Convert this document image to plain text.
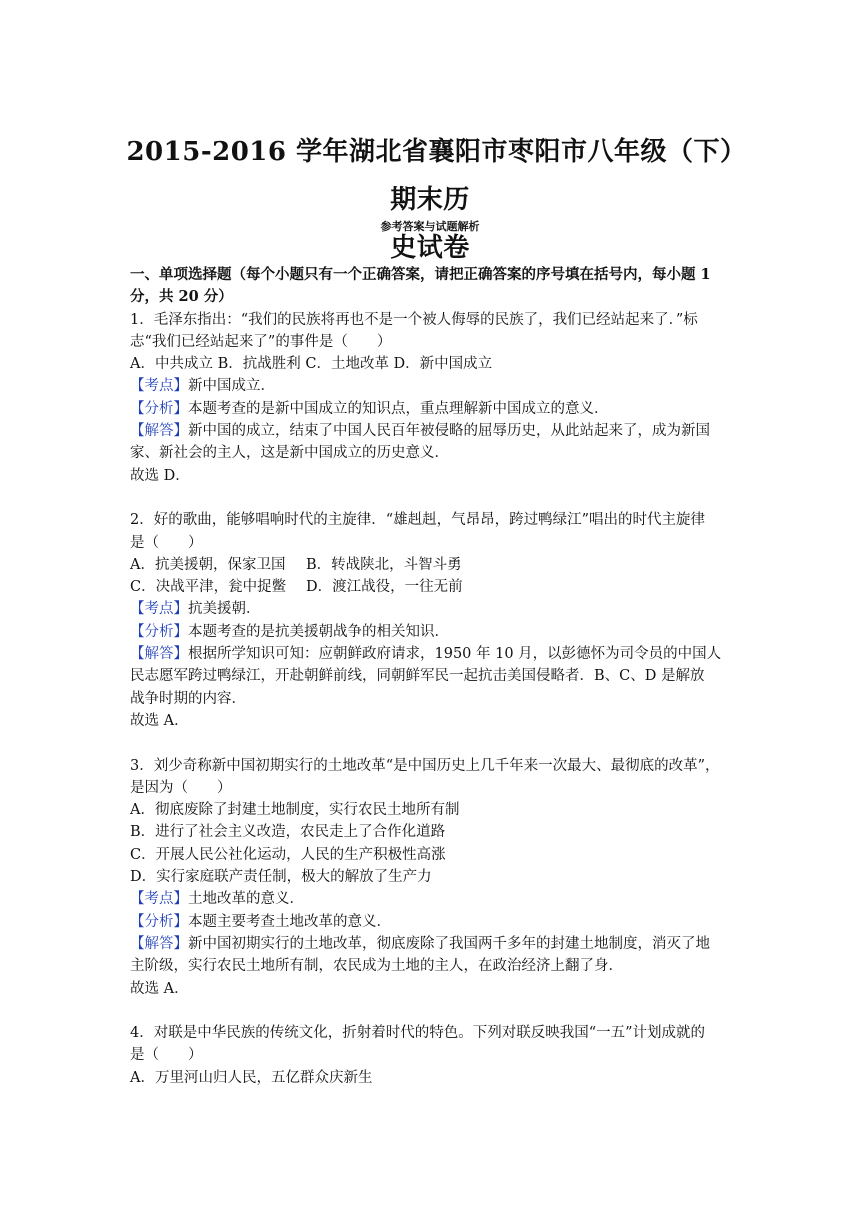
2015-2016 学年湖北省襄阳市枣阳市八年级（下）期末历
史试卷
参考答案与试题解析
一、单项选择题（每个小题只有一个正确答案，请把正确答案的序号填在括号内，每小题 1
分，共 20 分）
1．毛泽东指出：“我们的民族将再也不是一个被人侮辱的民族了，我们已经站起来了．”标
志“我们已经站起来了”的事件是（　　）
A．中共成立 B．抗战胜利 C．土地改革 D．新中国成立
【考点】新中国成立．
【分析】本题考查的是新中国成立的知识点，重点理解新中国成立的意义．
【解答】新中国的成立，结束了中国人民百年被侵略的屈辱历史，从此站起来了，成为新国
家、新社会的主人，这是新中国成立的历史意义．
故选 D．
2．好的歌曲，能够唱响时代的主旋律．“雄赳赳，气昂昂，跨过鸭绿江”唱出的时代主旋律
是（　　）
A．抗美援朝，保家卫国 B．转战陕北，斗智斗勇
C．决战平津，瓮中捉鳖 D．渡江战役，一往无前
【考点】抗美援朝．
【分析】本题考查的是抗美援朝战争的相关知识．
【解答】根据所学知识可知：应朝鲜政府请求，1950 年 10 月，以彭德怀为司令员的中国人
民志愿军跨过鸭绿江，开赴朝鲜前线，同朝鲜军民一起抗击美国侵略者．B、C、D 是解放
战争时期的内容．
故选 A．
3．刘少奇称新中国初期实行的土地改革“是中国历史上几千年来一次最大、最彻底的改革”，
是因为（　　）
A．彻底废除了封建土地制度，实行农民土地所有制
B．进行了社会主义改造，农民走上了合作化道路
C．开展人民公社化运动，人民的生产积极性高涨
D．实行家庭联产责任制，极大的解放了生产力
【考点】土地改革的意义．
【分析】本题主要考查土地改革的意义．
【解答】新中国初期实行的土地改革，彻底废除了我国两千多年的封建土地制度，消灭了地
主阶级，实行农民土地所有制，农民成为土地的主人，在政治经济上翻了身．
故选 A．
4．对联是中华民族的传统文化，折射着时代的特色。下列对联反映我国“一五”计划成就的
是（　　）
A．万里河山归人民，五亿群众庆新生
